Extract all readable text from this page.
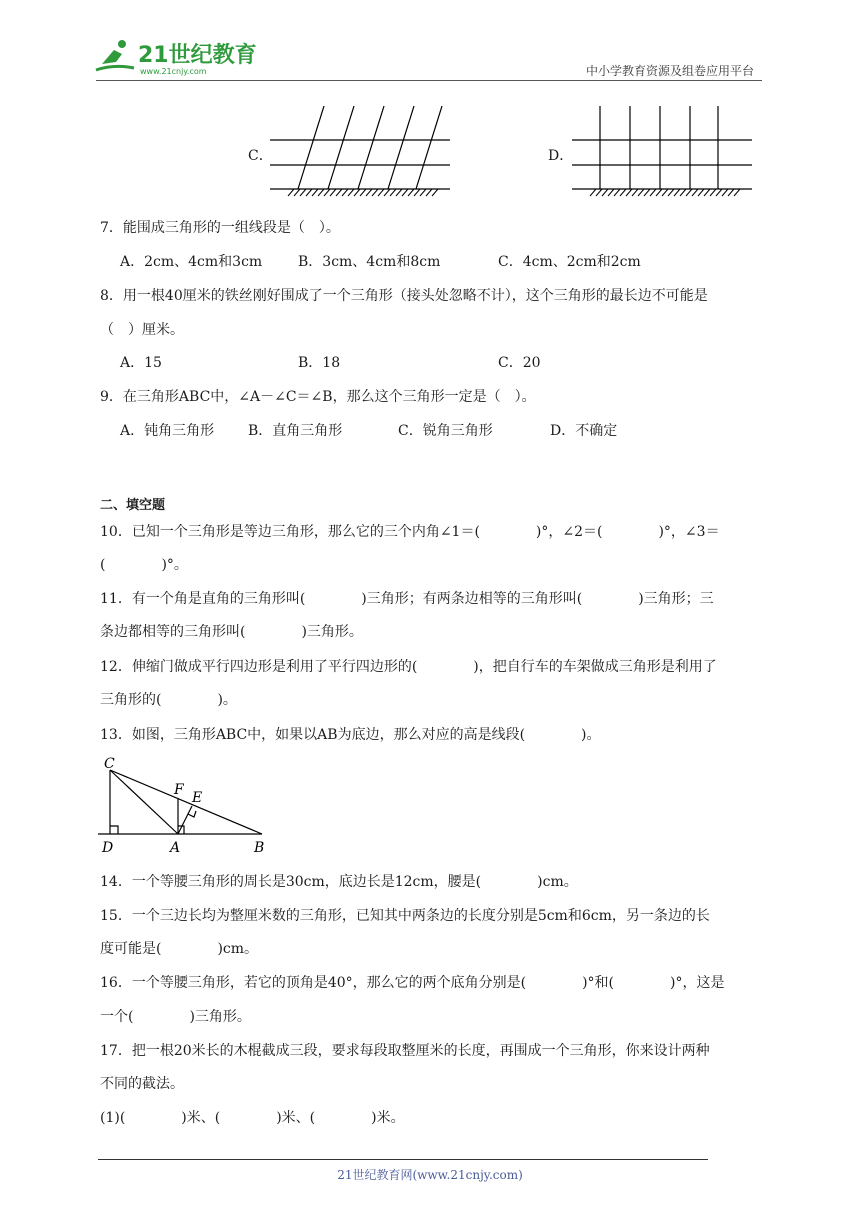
21世纪教育
www.21cnjy.com	中小学教育资源及组卷应用平台
C．	D．
7．能围成三角形的一组线段是（　）。
A．2cm、4cm和3cm	B．3cm、4cm和8cm	C．4cm、2cm和2cm
8．用一根40厘米的铁丝刚好围成了一个三角形（接头处忽略不计），这个三角形的最长边不可能是
（　）厘米。
A．15	B．18	C．20
9．在三角形ABC中，∠A－∠C＝∠B，那么这个三角形一定是（　）。
A．钝角三角形 B．直角三角形	C．锐角三角形	D．不确定
二、填空题
10．已知一个三角形是等边三角形，那么它的三个内角∠1＝(　　　　)°，∠2＝(　　　　)°，∠3＝
(　　　　)°。
11．有一个角是直角的三角形叫(　　　　)三角形；有两条边相等的三角形叫(　　　　)三角形；三
条边都相等的三角形叫(　　　　)三角形。
12．伸缩门做成平行四边形是利用了平行四边形的(　　　　)，把自行车的车架做成三角形是利用了
三角形的(　　　　)。
13．如图，三角形ABC中，如果以AB为底边，那么对应的高是线段(　　　　)。
C
F E
D	A	B
14．一个等腰三角形的周长是30cm，底边长是12cm，腰是(　　　　)cm。
15．一个三边长均为整厘米数的三角形，已知其中两条边的长度分别是5cm和6cm，另一条边的长
度可能是(　　　　)cm。
16．一个等腰三角形，若它的顶角是40°，那么它的两个底角分别是(　　　　)°和(　　　　)°，这是
一个(　　　　)三角形。
17．把一根20米长的木棍截成三段，要求每段取整厘米的长度，再围成一个三角形，你来设计两种
不同的截法。
(1)(　　　　)米、(　　　　)米、(　　　　)米。
21世纪教育网(www.21cnjy.com)
